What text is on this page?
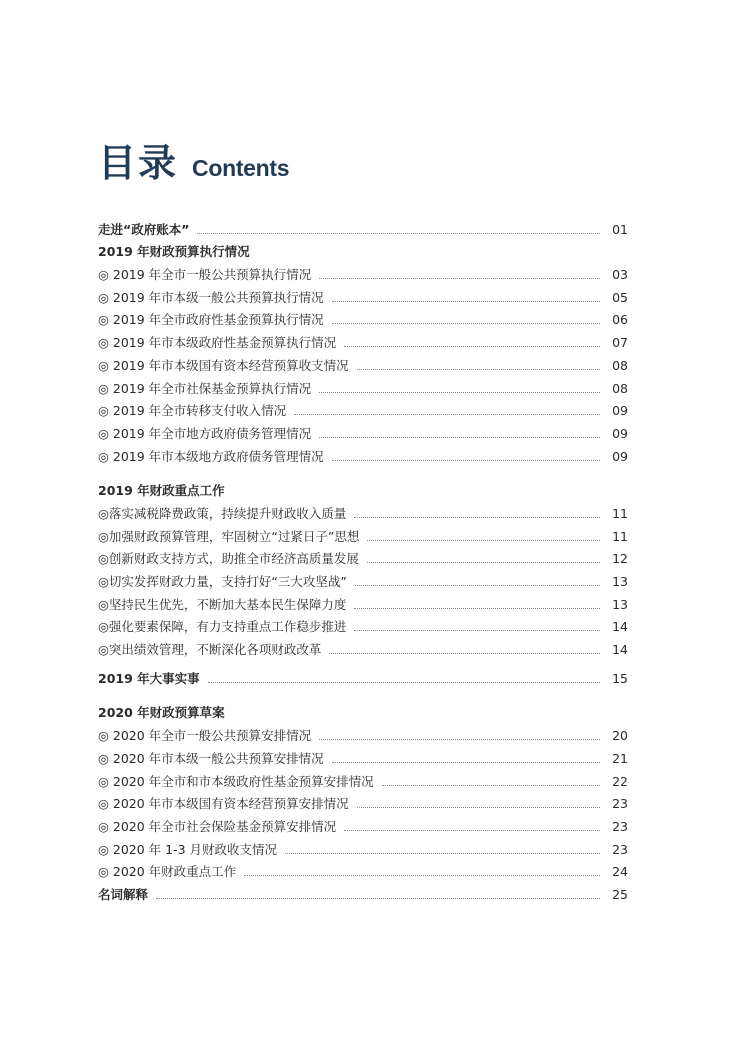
目录 Contents
走进“政府账本”	01
2019 年财政预算执行情况
◎ 2019 年全市一般公共预算执行情况	03
◎ 2019 年市本级一般公共预算执行情况	05
◎ 2019 年全市政府性基金预算执行情况	06
◎ 2019 年市本级政府性基金预算执行情况	07
◎ 2019 年市本级国有资本经营预算收支情况	08
◎ 2019 年全市社保基金预算执行情况	08
◎ 2019 年全市转移支付收入情况	09
◎ 2019 年全市地方政府债务管理情况	09
◎ 2019 年市本级地方政府债务管理情况	09
2019 年财政重点工作
◎落实减税降费政策，持续提升财政收入质量	11
◎加强财政预算管理，牢固树立“过紧日子”思想	11
◎创新财政支持方式，助推全市经济高质量发展	12
◎切实发挥财政力量，支持打好“三大攻坚战”	13
◎坚持民生优先，不断加大基本民生保障力度	13
◎强化要素保障，有力支持重点工作稳步推进	14
◎突出绩效管理，不断深化各项财政改革	14
2019 年大事实事	15
2020 年财政预算草案
◎ 2020 年全市一般公共预算安排情况	20
◎ 2020 年市本级一般公共预算安排情况	21
◎ 2020 年全市和市本级政府性基金预算安排情况	22
◎ 2020 年市本级国有资本经营预算安排情况	23
◎ 2020 年全市社会保险基金预算安排情况	23
◎ 2020 年 1-3 月财政收支情况	23
◎ 2020 年财政重点工作	24
名词解释	25
